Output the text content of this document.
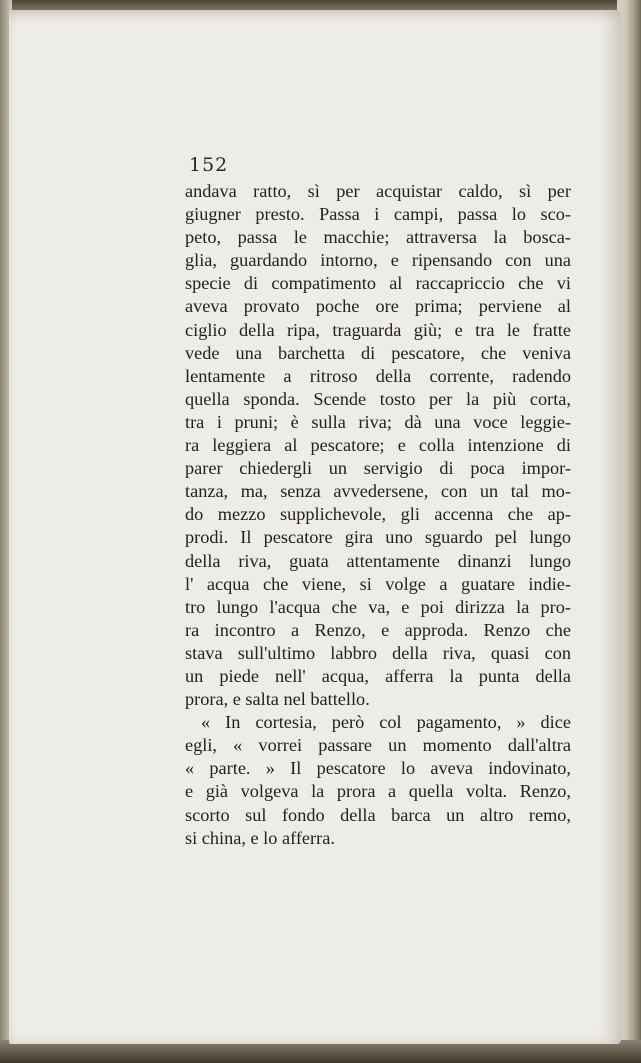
152
andava ratto, sì per acquistar caldo, sì per
giugner presto. Passa i campi, passa lo sco-
peto, passa le macchie; attraversa la bosca-
glia, guardando intorno, e ripensando con una
specie di compatimento al raccapriccio che vi
aveva provato poche ore prima; perviene al
ciglio della ripa, traguarda giù; e tra le fratte
vede una barchetta di pescatore, che veniva
lentamente a ritroso della corrente, radendo
quella sponda. Scende tosto per la più corta,
tra i pruni; è sulla riva; dà una voce leggie-
ra leggiera al pescatore; e colla intenzione di
parer chiedergli un servigio di poca impor-
tanza, ma, senza avvedersene, con un tal mo-
do mezzo supplichevole, gli accenna che ap-
prodi. Il pescatore gira uno sguardo pel lungo
della riva, guata attentamente dinanzi lungo
l' acqua che viene, si volge a guatare indie-
tro lungo l'acqua che va, e poi dirizza la pro-
ra incontro a Renzo, e approda. Renzo che
stava sull'ultimo labbro della riva, quasi con
un piede nell' acqua, afferra la punta della
prora, e salta nel battello.
« In cortesia, però col pagamento, » dice
egli, « vorrei passare un momento dall'altra
« parte. » Il pescatore lo aveva indovinato,
e già volgeva la prora a quella volta. Renzo,
scorto sul fondo della barca un altro remo,
si china, e lo afferra.
